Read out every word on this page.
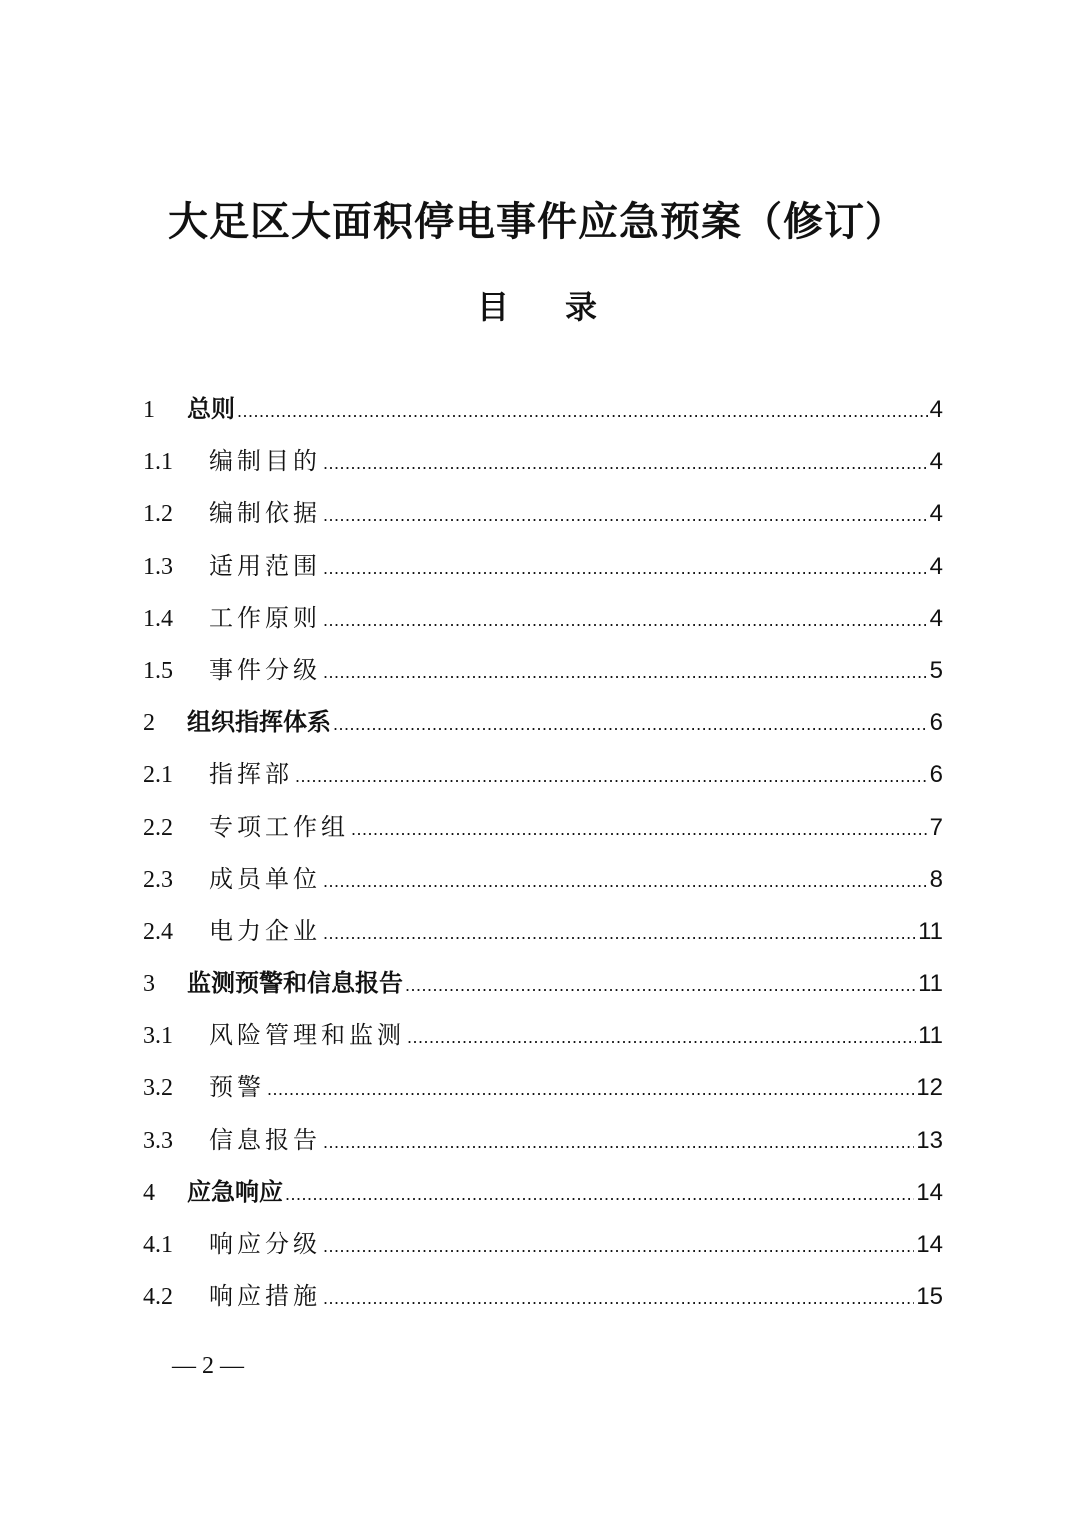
大足区大面积停电事件应急预案（修订）
目录
1	总则 .....	4
1.1	编制目的 .....	4
1.2	编制依据 .....	4
1.3	适用范围 .....	4
1.4	工作原则 .....	4
1.5	事件分级 .....	5
2	组织指挥体系 .....	6
2.1	指挥部 .....	6
2.2	专项工作组 .....	7
2.3	成员单位 .....	8
2.4	电力企业 .....	11
3	监测预警和信息报告 .....	11
3.1	风险管理和监测 .....	11
3.2	预警 .....	12
3.3	信息报告 .....	13
4	应急响应 .....	14
4.1	响应分级 .....	14
4.2	响应措施 .....	15
— 2 —
